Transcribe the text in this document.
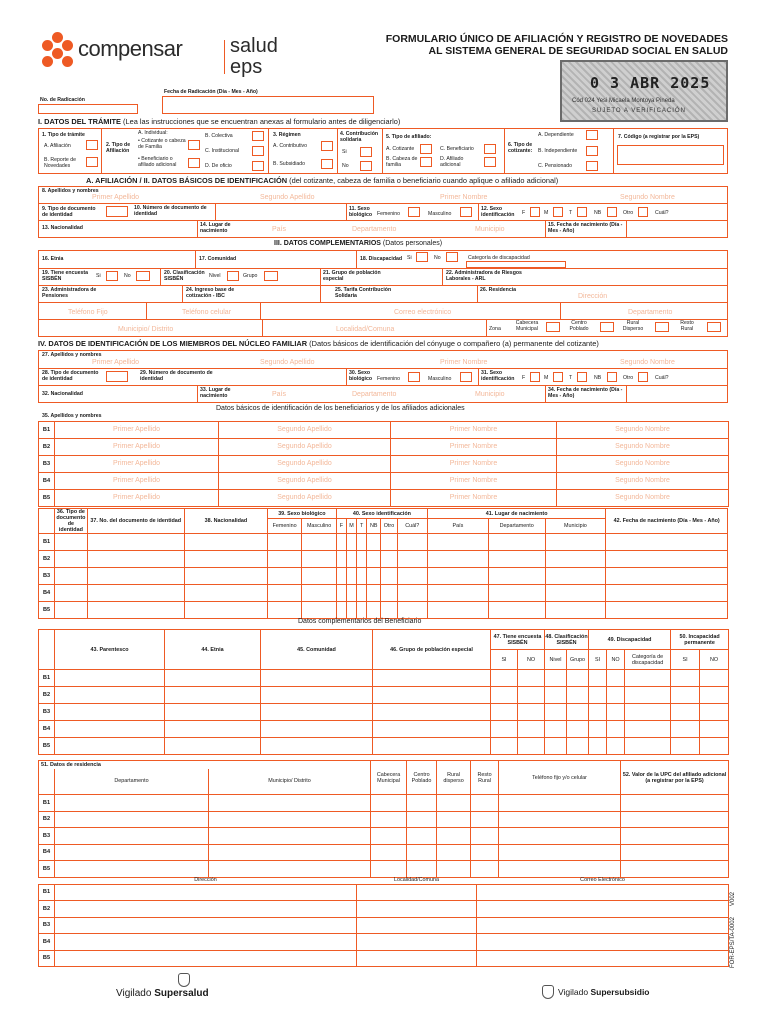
compensar salud
eps
FORMULARIO ÚNICO DE AFILIACIÓN Y REGISTRO DE NOVEDADES
AL SISTEMA GENERAL DE SEGURIDAD SOCIAL EN SALUD
0 3 ABR 2025
Cód 024 Yesi Micaela Montoya Pineda
SUJETO A VERIFICACIÓN
No. de Radicación
Fecha de Radicación (Día - Mes - Año)
I. DATOS DEL TRÁMITE (Lea las instrucciones que se encuentran anexas al formulario antes de diligenciarlo)
1. Tipo de trámite
A. Afiliación
B. Reporte de Novedades
2. Tipo de Afiliación
A. Individual:
• Cotizante o cabeza de Familia
• Beneficiario o afiliado adicional
B. Colectiva
C. Institucional
D. De oficio
3. Régimen
A. Contributivo
B. Subsidiado
4. Contribución solidaria
Si
No
5. Tipo de afiliado:
A. Cotizante
B. Cabeza de familia
C. Beneficiario
D. Afiliado adicional
6. Tipo de cotizante:
A. Dependiente
B. Independiente
C. Pensionado
7. Código (a registrar por la EPS)
A. AFILIACIÓN / II. DATOS BÁSICOS DE IDENTIFICACIÓN (del cotizante, cabeza de familia o beneficiario cuando aplique o afiliado adicional)
8. Apellidos y nombres
Primer Apellido	Segundo Apellido	Primer Nombre	Segundo Nombre
9. Tipo de documento de identidad
10. Número de documento de identidad
11. Sexo biológico Femenino	Masculino
12. Sexo identificación	F	M	T	NB	Otro	Cuál?
13. Nacionalidad	14. Lugar de nacimiento	País	Departamento	Municipio
15. Fecha de nacimiento (Día - Mes - Año)
III. DATOS COMPLEMENTARIOS (Datos personales)
16. Etnia	17. Comunidad	18. Discapacidad Si	No	Categoría de discapacidad
19. Tiene encuesta SISBÉN	Si	No	20. Clasificación SISBÉN	Nivel	Grupo	21. Grupo de población especial
22. Administradora de Riesgos Laborales - ARL
23. Administradora de Pensiones
24. Ingreso base de cotización - IBC
25. Tarifa Contribución Solidaria
26. Residencia
Dirección
Teléfono Fijo	Teléfono celular	Correo electrónico	Departamento
Municipio/ Distrito	Localidad/Comuna	Zona
Cabecera Municipal
Centro Poblado
Rural Disperso
Resto Rural
IV. DATOS DE IDENTIFICACIÓN DE LOS MIEMBROS DEL NÚCLEO FAMILIAR (Datos básicos de identificación del cónyuge o compañero (a) permanente del cotizante)
27. Apellidos y nombres
Primer Apellido	Segundo Apellido	Primer Nombre	Segundo Nombre
28. Tipo de documento de identidad
29. Número de documento de identidad
30. Sexo biológico Femenino	Masculino
31. Sexo identificación	F	M	T	NB	Otro	Cuál?
32. Nacionalidad
33. Lugar de nacimiento	País	Departamento	Municipio
34. Fecha de nacimiento (Día - Mes - Año)
Datos básicos de identificación de los beneficiarios y de los afiliados adicionales
35. Apellidos y nombres
B1	Primer Apellido	Segundo Apellido	Primer Nombre	Segundo Nombre
B2	Primer Apellido	Segundo Apellido	Primer Nombre	Segundo Nombre
B3	Primer Apellido	Segundo Apellido	Primer Nombre	Segundo Nombre
B4	Primer Apellido	Segundo Apellido	Primer Nombre	Segundo Nombre
B5	Primer Apellido	Segundo Apellido	Primer Nombre	Segundo Nombre
	36. Tipo de documento de identidad	37. No. del documento de identidad	38. Nacionalidad	39. Sexo biológico		40. Sexo identificación						41. Lugar de nacimiento			42. Fecha de nacimiento (Día - Mes - Año)
				Femenino	Masculino	F	M	T	NB	Otro	Cuál?	País	Departamento	Municipio	
B1															
B2															
B3															
B4															
B5															
Datos complementarios del Beneficiario
	43. Parentesco	44. Etnia	45. Comunidad	46. Grupo de población especial	47. Tiene encuesta SISBÉN		48. Clasificación SISBÉN		49. Discapacidad			50. Incapacidad permanente	
					SI	NO	Nivel	Grupo	SI	NO	Categoría de discapacidad	SI	NO
B1													
B2													
B3													
B4													
B5													
51. Datos de residencia			Cabecera Municipal	Centro Poblado	Rural disperso	Resto Rural	Teléfono fijo y/o celular	52. Valor de la UPC del afiliado adicional (a registrar por la EPS)
	Departamento	Municipio/ Distrito						
B1								
B2								
B3								
B4								
B5								
	Dirección	Localidad/Comuna	Correo Electrónico
B1			
B2			
B3			
B4			
B5			
V002
FOR-EPS/TA-0002
Vigilado Supersalud	Vigilado Supersubsidio
